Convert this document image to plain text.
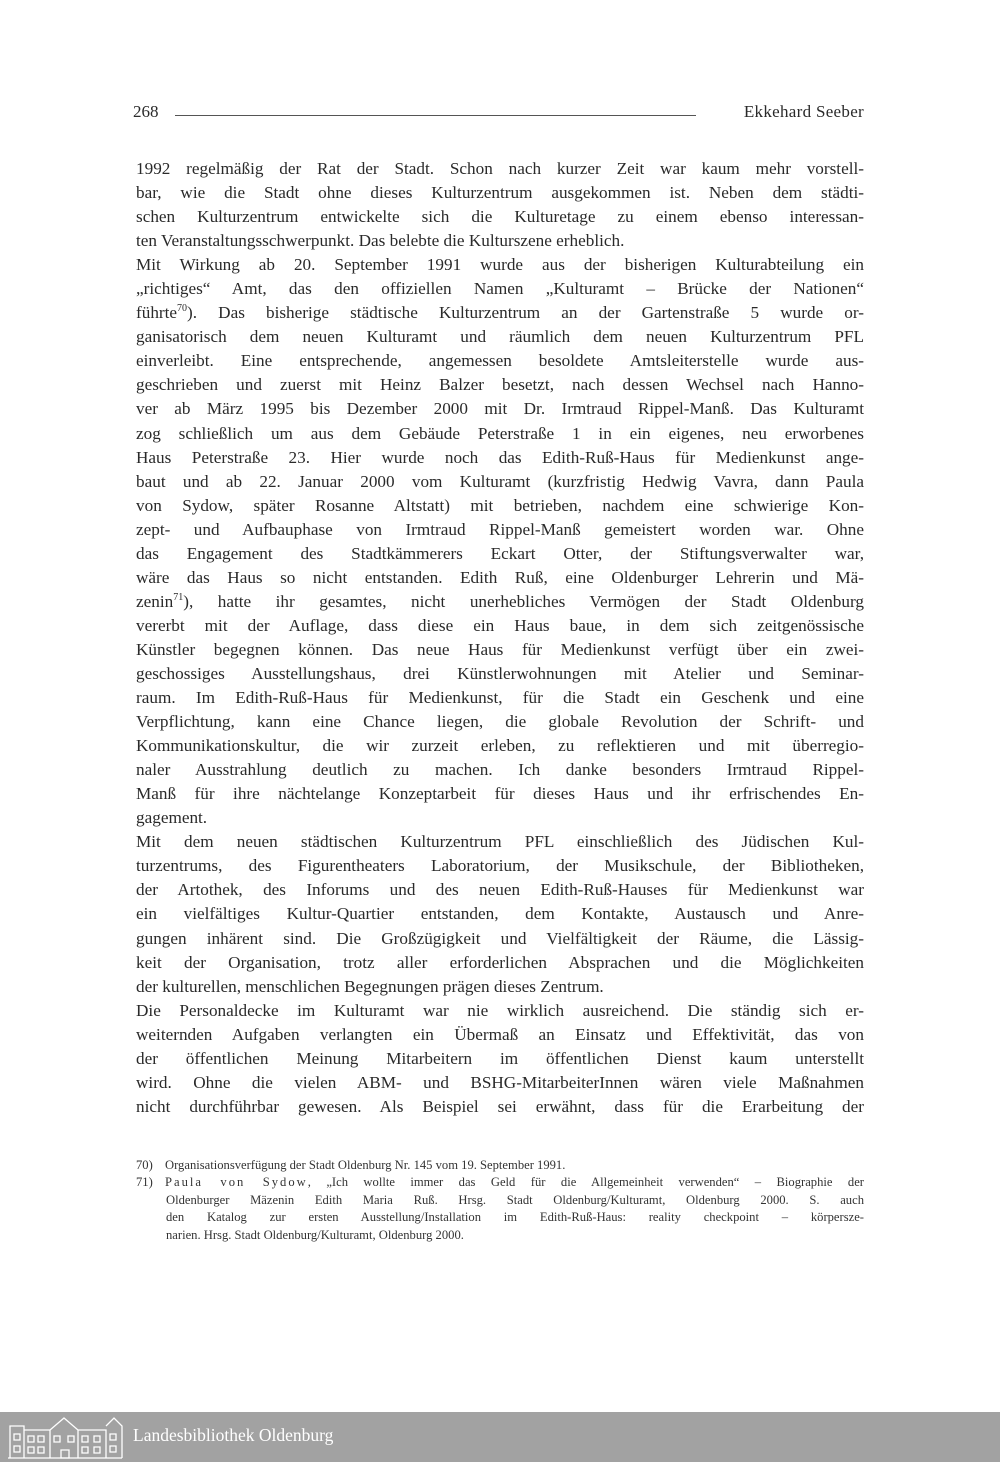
268	Ekkehard Seeber
1992 regelmäßig der Rat der Stadt. Schon nach kurzer Zeit war kaum mehr vorstell-
bar, wie die Stadt ohne dieses Kulturzentrum ausgekommen ist. Neben dem städti-
schen Kulturzentrum entwickelte sich die Kulturetage zu einem ebenso interessan-
ten Veranstaltungsschwerpunkt. Das belebte die Kulturszene erheblich.
Mit Wirkung ab 20. September 1991 wurde aus der bisherigen Kulturabteilung ein
„richtiges“ Amt, das den offiziellen Namen „Kulturamt – Brücke der Nationen“
führte$^{70}$). Das bisherige städtische Kulturzentrum an der Gartenstraße 5 wurde or-
ganisatorisch dem neuen Kulturamt und räumlich dem neuen Kulturzentrum PFL
einverleibt. Eine entsprechende, angemessen besoldete Amtsleiterstelle wurde aus-
geschrieben und zuerst mit Heinz Balzer besetzt, nach dessen Wechsel nach Hanno-
ver ab März 1995 bis Dezember 2000 mit Dr. Irmtraud Rippel-Manß. Das Kulturamt
zog schließlich um aus dem Gebäude Peterstraße 1 in ein eigenes, neu erworbenes
Haus Peterstraße 23. Hier wurde noch das Edith-Ruß-Haus für Medienkunst ange-
baut und ab 22. Januar 2000 vom Kulturamt (kurzfristig Hedwig Vavra, dann Paula
von Sydow, später Rosanne Altstatt) mit betrieben, nachdem eine schwierige Kon-
zept- und Aufbauphase von Irmtraud Rippel-Manß gemeistert worden war. Ohne
das Engagement des Stadtkämmerers Eckart Otter, der Stiftungsverwalter war,
wäre das Haus so nicht entstanden. Edith Ruß, eine Oldenburger Lehrerin und Mä-
zenin$^{71}$), hatte ihr gesamtes, nicht unerhebliches Vermögen der Stadt Oldenburg
vererbt mit der Auflage, dass diese ein Haus baue, in dem sich zeitgenössische
Künstler begegnen können. Das neue Haus für Medienkunst verfügt über ein zwei-
geschossiges Ausstellungshaus, drei Künstlerwohnungen mit Atelier und Seminar-
raum. Im Edith-Ruß-Haus für Medienkunst, für die Stadt ein Geschenk und eine
Verpflichtung, kann eine Chance liegen, die globale Revolution der Schrift- und
Kommunikationskultur, die wir zurzeit erleben, zu reflektieren und mit überregio-
naler Ausstrahlung deutlich zu machen. Ich danke besonders Irmtraud Rippel-
Manß für ihre nächtelange Konzeptarbeit für dieses Haus und ihr erfrischendes En-
gagement.
Mit dem neuen städtischen Kulturzentrum PFL einschließlich des Jüdischen Kul-
turzentrums, des Figurentheaters Laboratorium, der Musikschule, der Bibliotheken,
der Artothek, des Inforums und des neuen Edith-Ruß-Hauses für Medienkunst war
ein vielfältiges Kultur-Quartier entstanden, dem Kontakte, Austausch und Anre-
gungen inhärent sind. Die Großzügigkeit und Vielfältigkeit der Räume, die Lässig-
keit der Organisation, trotz aller erforderlichen Absprachen und die Möglichkeiten
der kulturellen, menschlichen Begegnungen prägen dieses Zentrum.
Die Personaldecke im Kulturamt war nie wirklich ausreichend. Die ständig sich er-
weiternden Aufgaben verlangten ein Übermaß an Einsatz und Effektivität, das von
der öffentlichen Meinung Mitarbeitern im öffentlichen Dienst kaum unterstellt
wird. Ohne die vielen ABM- und BSHG-MitarbeiterInnen wären viele Maßnahmen
nicht durchführbar gewesen. Als Beispiel sei erwähnt, dass für die Erarbeitung der
70) Organisationsverfügung der Stadt Oldenburg Nr. 145 vom 19. September 1991.
71) Paula von Sydow, „Ich wollte immer das Geld für die Allgemeinheit verwenden“ – Biographie der
Oldenburger Mäzenin Edith Maria Ruß. Hrsg. Stadt Oldenburg/Kulturamt, Oldenburg 2000. S. auch
den Katalog zur ersten Ausstellung/Installation im Edith-Ruß-Haus: reality checkpoint – körpersze-
narien. Hrsg. Stadt Oldenburg/Kulturamt, Oldenburg 2000.
Landesbibliothek Oldenburg
